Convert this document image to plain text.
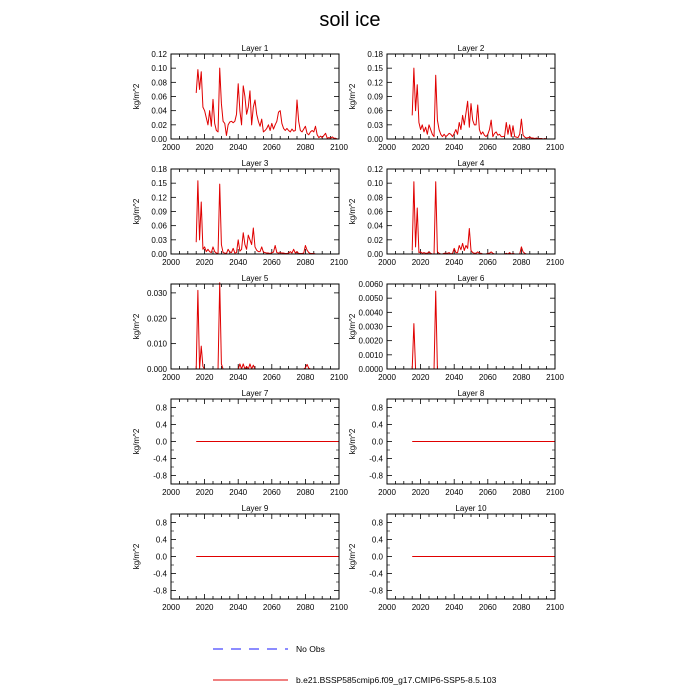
soil ice
Layer 1
kg/m^2
0.00
0.02
0.04
0.06
0.08
0.10
0.12
2000 2020 2040 2060 2080 2100
Layer 2
kg/m^2
0.00
0.03
0.06
0.09
0.12
0.15
0.18
2000 2020 2040 2060 2080 2100
Layer 3
kg/m^2
0.00
0.03
0.06
0.09
0.12
0.15
0.18
2000 2020 2040 2060 2080 2100
Layer 4
kg/m^2
0.00
0.02
0.04
0.06
0.08
0.10
0.12
2000 2020 2040 2060 2080 2100
Layer 5
kg/m^2
0.000
0.010
0.020
0.030
2000 2020 2040 2060 2080 2100
Layer 6
kg/m^2
0.0000
0.0010
0.0020
0.0030
0.0040
0.0050
0.0060
2000 2020 2040 2060 2080 2100
Layer 7
kg/m^2
-0.8
-0.4
0.0
0.4
0.8
2000 2020 2040 2060 2080 2100
Layer 8
kg/m^2
-0.8
-0.4
0.0
0.4
0.8
2000 2020 2040 2060 2080 2100
Layer 9
kg/m^2
-0.8
-0.4
0.0
0.4
0.8
2000 2020 2040 2060 2080 2100
Layer 10
kg/m^2
-0.8
-0.4
0.0
0.4
0.8
2000 2020 2040 2060 2080 2100
No Obs
b.e21.BSSP585cmip6.f09_g17.CMIP6-SSP5-8.5.103
